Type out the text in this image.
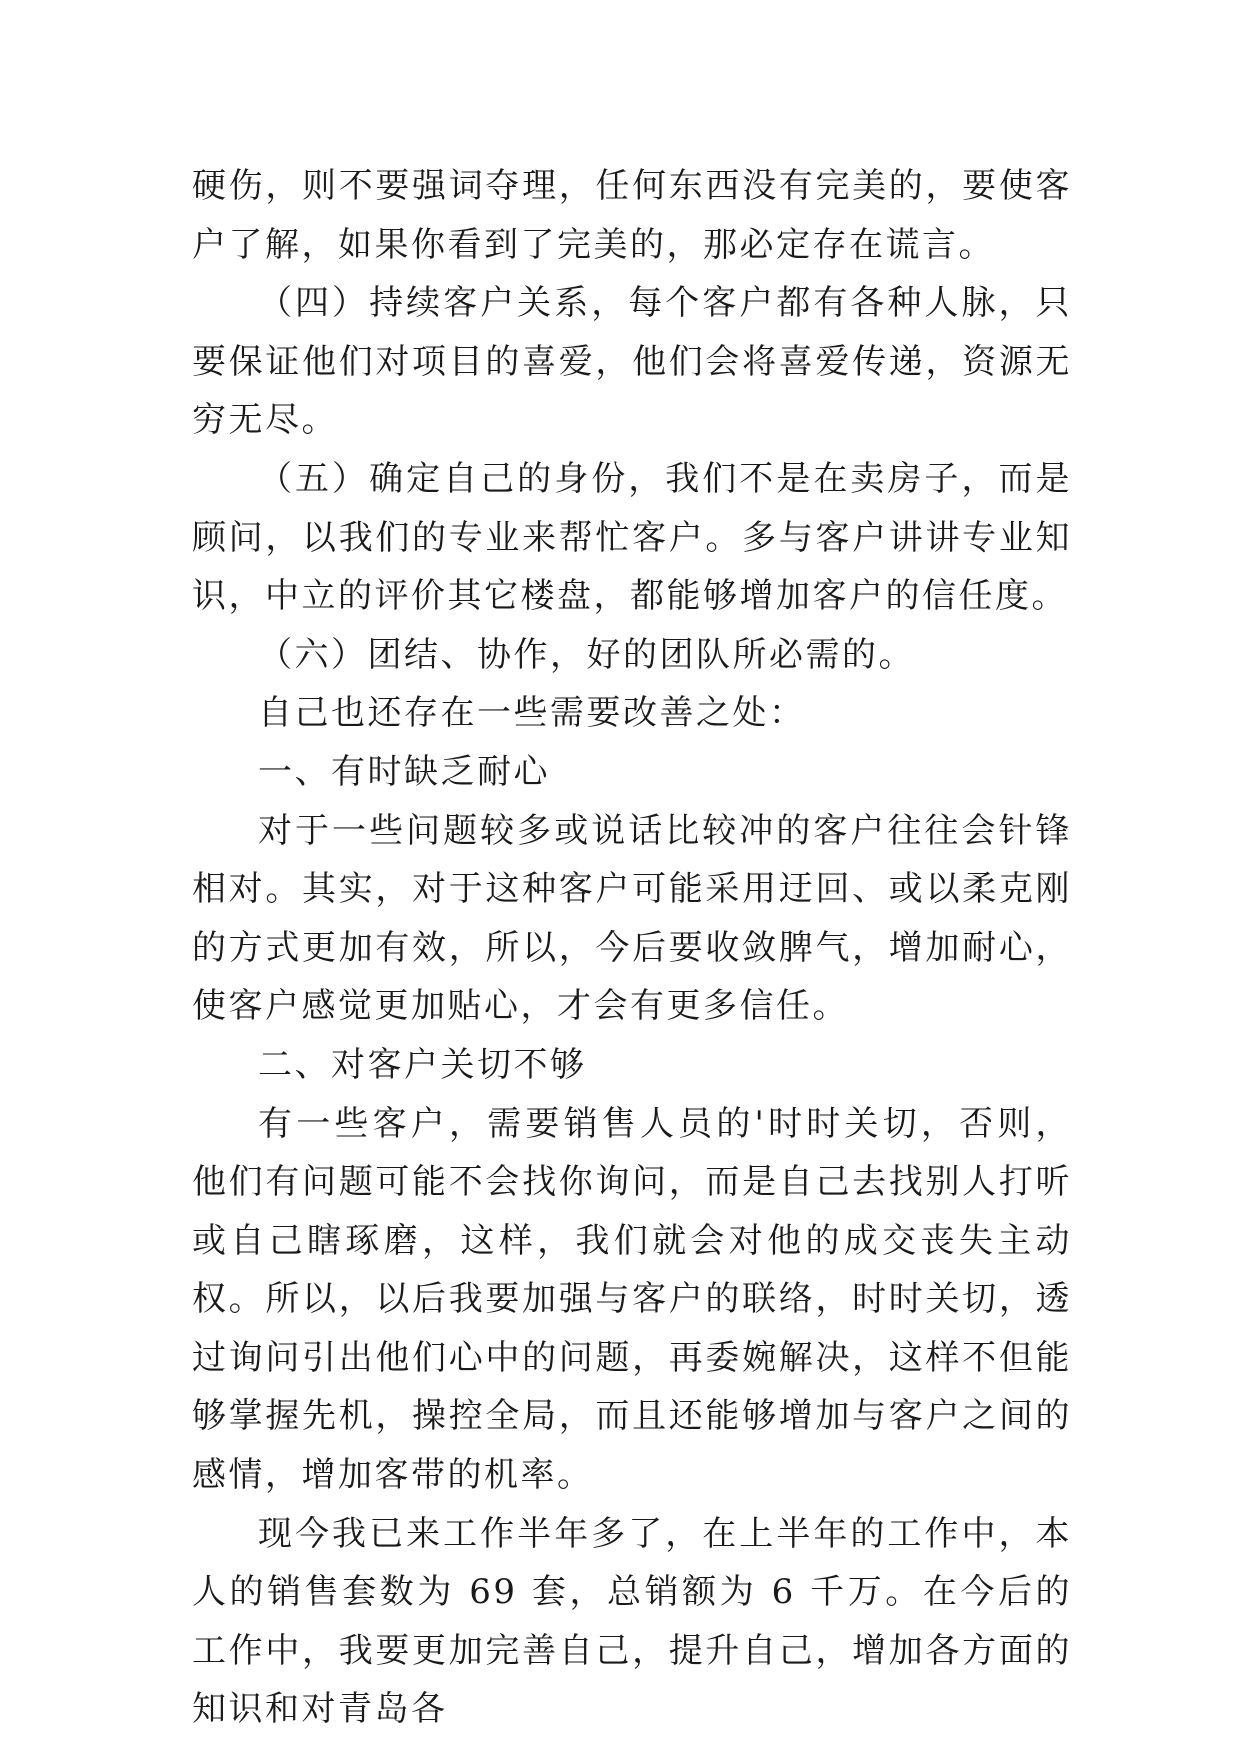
硬伤，则不要强词夺理，任何东西没有完美的，要使客户了解，如果你看到了完美的，那必定存在谎言。

（四）持续客户关系，每个客户都有各种人脉，只要保证他们对项目的喜爱，他们会将喜爱传递，资源无穷无尽。

（五）确定自己的身份，我们不是在卖房子，而是顾问，以我们的专业来帮忙客户。多与客户讲讲专业知识，中立的评价其它楼盘，都能够增加客户的信任度。

（六）团结、协作，好的团队所必需的。

自己也还存在一些需要改善之处：

一、有时缺乏耐心

对于一些问题较多或说话比较冲的客户往往会针锋相对。其实，对于这种客户可能采用迂回、或以柔克刚的方式更加有效，所以，今后要收敛脾气，增加耐心，使客户感觉更加贴心，才会有更多信任。

二、对客户关切不够

有一些客户，需要销售人员的'时时关切，否则，他们有问题可能不会找你询问，而是自己去找别人打听或自己瞎琢磨，这样，我们就会对他的成交丧失主动权。所以，以后我要加强与客户的联络，时时关切，透过询问引出他们心中的问题，再委婉解决，这样不但能够掌握先机，操控全局，而且还能够增加与客户之间的感情，增加客带的机率。

现今我已来工作半年多了，在上半年的工作中，本人的销售套数为 69 套，总销额为 6 千万。在今后的工作中，我要更加完善自己，提升自己，增加各方面的知识和对青岛各
